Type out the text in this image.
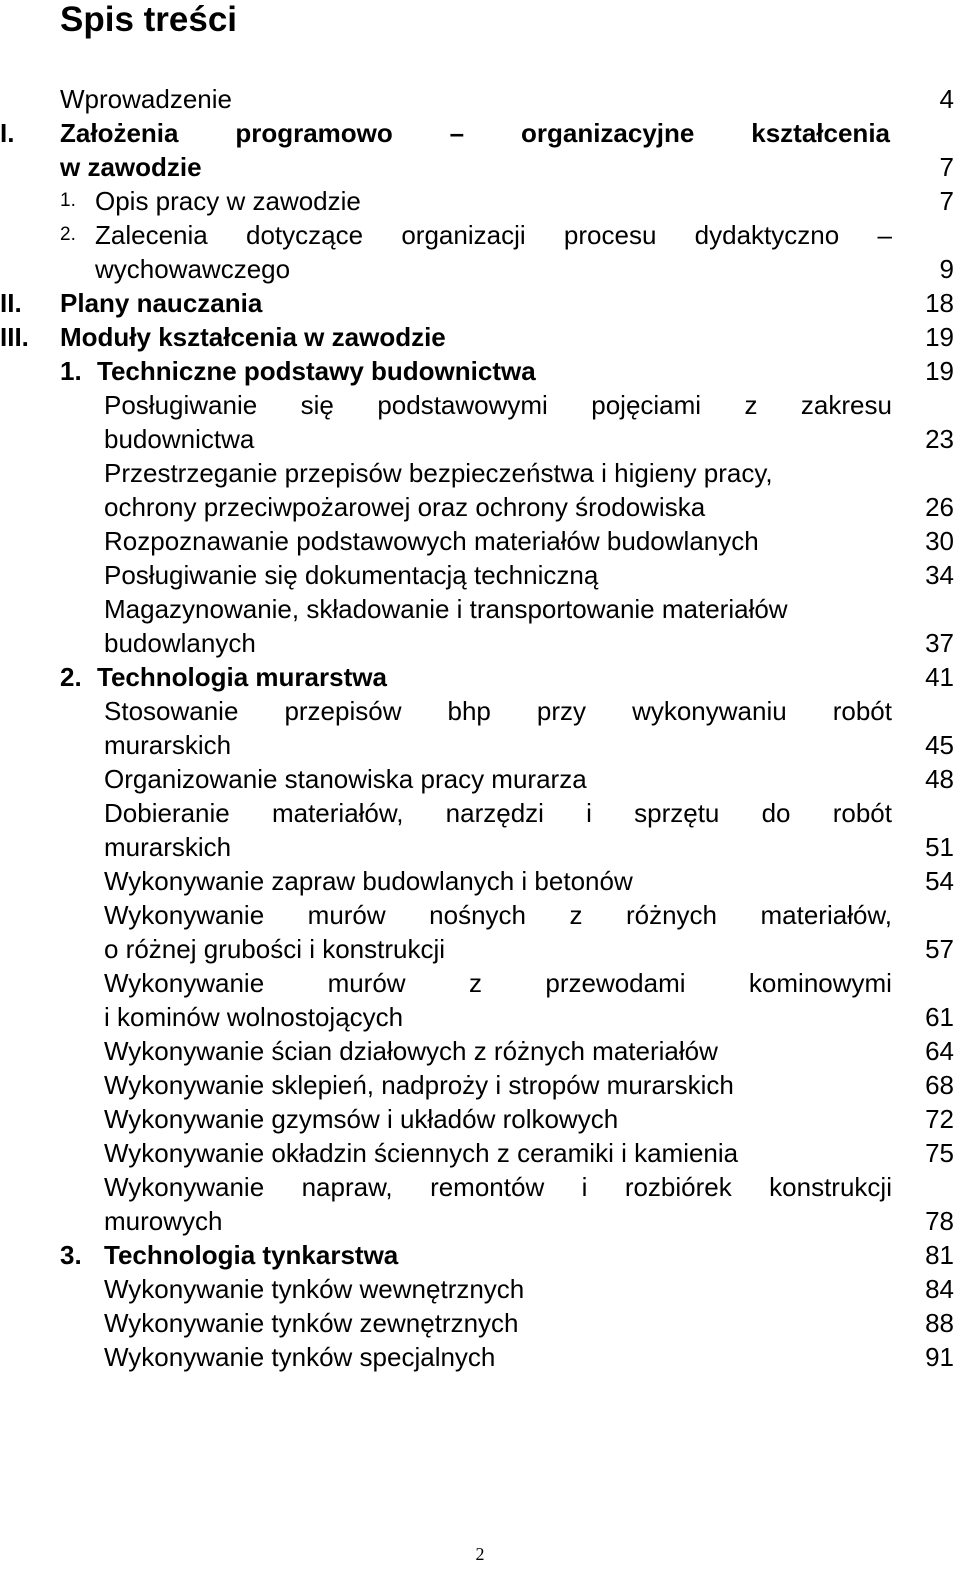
Spis treści
Wprowadzenie	4
I. Założenia programowo – organizacyjne kształcenia
w zawodzie	7
1. Opis pracy w zawodzie	7
2. Zalecenia dotyczące organizacji procesu dydaktyczno –
wychowawczego	9
II. Plany nauczania	18
III. Moduły kształcenia w zawodzie	19
1. Techniczne podstawy budownictwa	19
Posługiwanie się podstawowymi pojęciami z zakresu
budownictwa	23
Przestrzeganie przepisów bezpieczeństwa i higieny pracy,
ochrony przeciwpożarowej oraz ochrony środowiska	26
Rozpoznawanie podstawowych materiałów budowlanych	30
Posługiwanie się dokumentacją techniczną	34
Magazynowanie, składowanie i transportowanie materiałów
budowlanych	37
2. Technologia murarstwa	41
Stosowanie przepisów bhp przy wykonywaniu robót
murarskich	45
Organizowanie stanowiska pracy murarza	48
Dobieranie materiałów, narzędzi i sprzętu do robót
murarskich	51
Wykonywanie zapraw budowlanych i betonów	54
Wykonywanie murów nośnych z różnych materiałów,
o różnej grubości i konstrukcji	57
Wykonywanie murów z przewodami kominowymi
i kominów wolnostojących	61
Wykonywanie ścian działowych z różnych materiałów	64
Wykonywanie sklepień, nadproży i stropów murarskich	68
Wykonywanie gzymsów i układów rolkowych	72
Wykonywanie okładzin ściennych z ceramiki i kamienia	75
Wykonywanie napraw, remontów i rozbiórek konstrukcji
murowych	78
3. Technologia tynkarstwa	81
Wykonywanie tynków wewnętrznych	84
Wykonywanie tynków zewnętrznych	88
Wykonywanie tynków specjalnych	91
2
